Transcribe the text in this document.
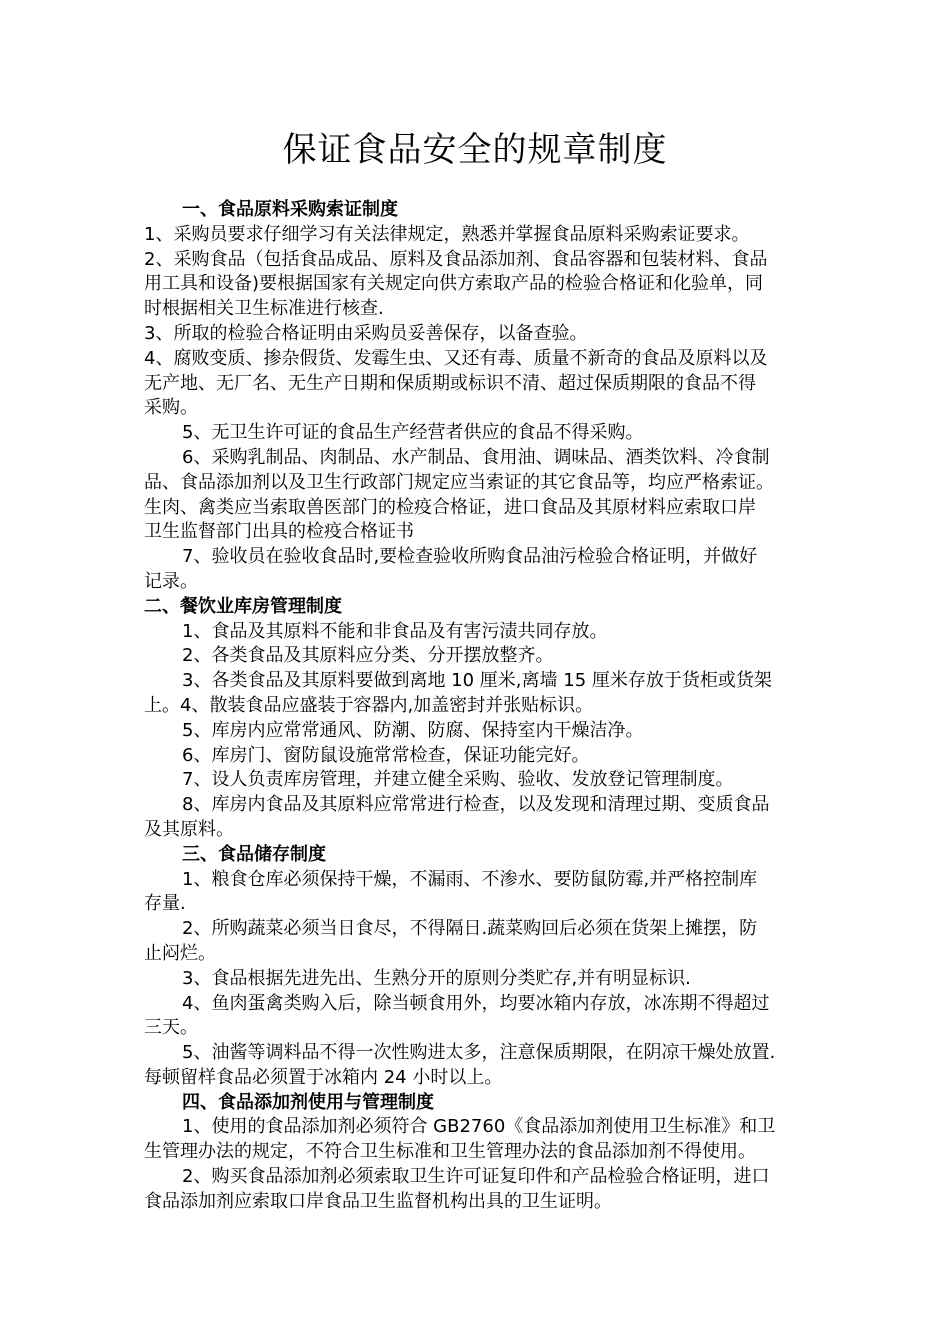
保证食品安全的规章制度
一、食品原料采购索证制度
1、采购员要求仔细学习有关法律规定，熟悉并掌握食品原料采购索证要求。
2、采购食品（包括食品成品、原料及食品添加剂、食品容器和包装材料、食品
用工具和设备)要根据国家有关规定向供方索取产品的检验合格证和化验单，同
时根据相关卫生标准进行核查.
3、所取的检验合格证明由采购员妥善保存，以备查验。
4、腐败变质、掺杂假货、发霉生虫、又还有毒、质量不新奇的食品及原料以及
无产地、无厂名、无生产日期和保质期或标识不清、超过保质期限的食品不得
采购。
5、无卫生许可证的食品生产经营者供应的食品不得采购。
6、采购乳制品、肉制品、水产制品、食用油、调味品、酒类饮料、冷食制
品、食品添加剂以及卫生行政部门规定应当索证的其它食品等，均应严格索证。
生肉、禽类应当索取兽医部门的检疫合格证，进口食品及其原材料应索取口岸
卫生监督部门出具的检疫合格证书
7、验收员在验收食品时,要检查验收所购食品油污检验合格证明，并做好
记录。
二、餐饮业库房管理制度
1、食品及其原料不能和非食品及有害污渍共同存放。
2、各类食品及其原料应分类、分开摆放整齐。
3、各类食品及其原料要做到离地 10 厘米,离墙 15 厘米存放于货柜或货架
上。4、散装食品应盛装于容器内,加盖密封并张贴标识。
5、库房内应常常通风、防潮、防腐、保持室内干燥洁净。
6、库房门、窗防鼠设施常常检查，保证功能完好。
7、设人负责库房管理，并建立健全采购、验收、发放登记管理制度。
8、库房内食品及其原料应常常进行检查，以及发现和清理过期、变质食品
及其原料。
三、食品储存制度
1、粮食仓库必须保持干燥，不漏雨、不渗水、要防鼠防霉,并严格控制库
存量.
2、所购蔬菜必须当日食尽，不得隔日.蔬菜购回后必须在货架上摊摆，防
止闷烂。
3、食品根据先进先出、生熟分开的原则分类贮存,并有明显标识.
4、鱼肉蛋禽类购入后，除当顿食用外，均要冰箱内存放，冰冻期不得超过
三天。
5、油酱等调料品不得一次性购进太多，注意保质期限，在阴凉干燥处放置.
每顿留样食品必须置于冰箱内 24 小时以上。
四、食品添加剂使用与管理制度
1、使用的食品添加剂必须符合 GB2760《食品添加剂使用卫生标准》和卫
生管理办法的规定，不符合卫生标准和卫生管理办法的食品添加剂不得使用。
2、购买食品添加剂必须索取卫生许可证复印件和产品检验合格证明，进口
食品添加剂应索取口岸食品卫生监督机构出具的卫生证明。
